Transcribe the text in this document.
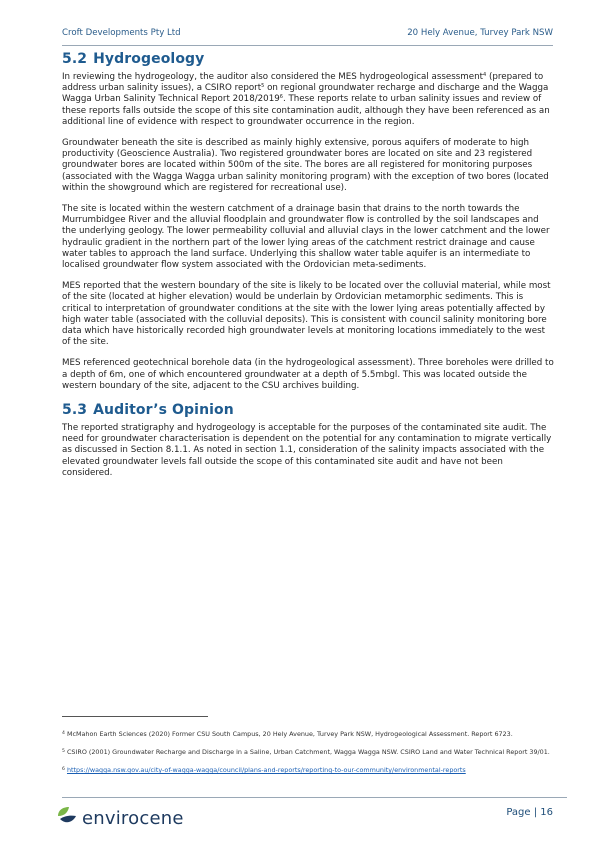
Croft Developments Pty Ltd	20 Hely Avenue, Turvey Park NSW
5.2 Hydrogeology

In reviewing the hydrogeology, the auditor also considered the MES hydrogeological assessment$^4$ (prepared to address urban salinity issues), a CSIRO report$^5$ on regional groundwater recharge and discharge and the Wagga Wagga Urban Salinity Technical Report 2018/2019$^6$. These reports relate to urban salinity issues and review of these reports falls outside the scope of this site contamination audit, although they have been referenced as an additional line of evidence with respect to groundwater occurrence in the region.

Groundwater beneath the site is described as mainly highly extensive, porous aquifers of moderate to high productivity (Geoscience Australia). Two registered groundwater bores are located on site and 23 registered groundwater bores are located within 500m of the site. The bores are all registered for monitoring purposes (associated with the Wagga Wagga urban salinity monitoring program) with the exception of two bores (located within the showground which are registered for recreational use).

The site is located within the western catchment of a drainage basin that drains to the north towards the Murrumbidgee River and the alluvial floodplain and groundwater flow is controlled by the soil landscapes and the underlying geology. The lower permeability colluvial and alluvial clays in the lower catchment and the lower hydraulic gradient in the northern part of the lower lying areas of the catchment restrict drainage and cause water tables to approach the land surface. Underlying this shallow water table aquifer is an intermediate to localised groundwater flow system associated with the Ordovician meta-sediments.

MES reported that the western boundary of the site is likely to be located over the colluvial material, while most of the site (located at higher elevation) would be underlain by Ordovician metamorphic sediments. This is critical to interpretation of groundwater conditions at the site with the lower lying areas potentially affected by high water table (associated with the colluvial deposits). This is consistent with council salinity monitoring bore data which have historically recorded high groundwater levels at monitoring locations immediately to the west of the site.

MES referenced geotechnical borehole data (in the hydrogeological assessment). Three boreholes were drilled to a depth of 6m, one of which encountered groundwater at a depth of 5.5mbgl. This was located outside the western boundary of the site, adjacent to the CSU archives building.

5.3 Auditor’s Opinion

The reported stratigraphy and hydrogeology is acceptable for the purposes of the contaminated site audit. The need for groundwater characterisation is dependent on the potential for any contamination to migrate vertically as discussed in Section 8.1.1. As noted in section 1.1, consideration of the salinity impacts associated with the elevated groundwater levels fall outside the scope of this contaminated site audit and have not been considered.

$^4$ McMahon Earth Sciences (2020) Former CSU South Campus, 20 Hely Avenue, Turvey Park NSW, Hydrogeological Assessment. Report 6723.
$^5$ CSIRO (2001) Groundwater Recharge and Discharge in a Saline, Urban Catchment, Wagga Wagga NSW. CSIRO Land and Water Technical Report 39/01.
$^6$ https://wagga.nsw.gov.au/city-of-wagga-wagga/council/plans-and-reports/reporting-to-our-community/environmental-reports
envirocene	Page | 16
